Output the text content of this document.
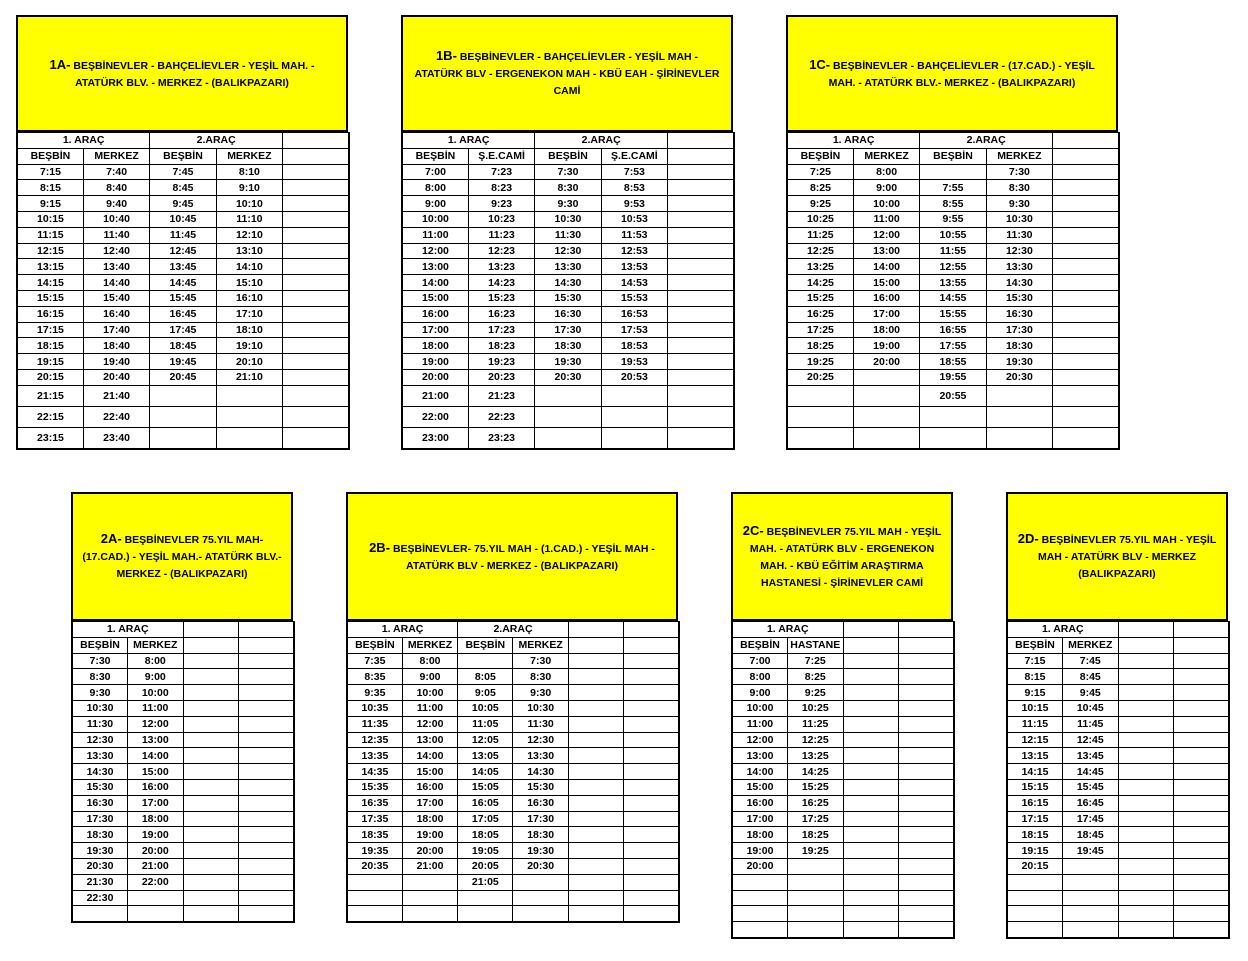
1A- BEŞBİNEVLER - BAHÇELİEVLER - YEŞİL MAH. - ATATÜRK BLV. - MERKEZ - (BALIKPAZARI)
1. ARAÇ		2.ARAÇ		
BEŞBİN	MERKEZ	BEŞBİN	MERKEZ	
7:15	7:40	7:45	8:10	
8:15	8:40	8:45	9:10	
9:15	9:40	9:45	10:10	
10:15	10:40	10:45	11:10	
11:15	11:40	11:45	12:10	
12:15	12:40	12:45	13:10	
13:15	13:40	13:45	14:10	
14:15	14:40	14:45	15:10	
15:15	15:40	15:45	16:10	
16:15	16:40	16:45	17:10	
17:15	17:40	17:45	18:10	
18:15	18:40	18:45	19:10	
19:15	19:40	19:45	20:10	
20:15	20:40	20:45	21:10	
21:15	21:40			
22:15	22:40			
23:15	23:40			
1B- BEŞBİNEVLER - BAHÇELİEVLER - YEŞİL MAH - ATATÜRK BLV - ERGENEKON MAH - KBÜ EAH - ŞİRİNEVLER CAMİ
1. ARAÇ		2.ARAÇ		
BEŞBİN	Ş.E.CAMİ	BEŞBİN	Ş.E.CAMİ	
7:00	7:23	7:30	7:53	
8:00	8:23	8:30	8:53	
9:00	9:23	9:30	9:53	
10:00	10:23	10:30	10:53	
11:00	11:23	11:30	11:53	
12:00	12:23	12:30	12:53	
13:00	13:23	13:30	13:53	
14:00	14:23	14:30	14:53	
15:00	15:23	15:30	15:53	
16:00	16:23	16:30	16:53	
17:00	17:23	17:30	17:53	
18:00	18:23	18:30	18:53	
19:00	19:23	19:30	19:53	
20:00	20:23	20:30	20:53	
21:00	21:23			
22:00	22:23			
23:00	23:23			
1C- BEŞBİNEVLER - BAHÇELİEVLER - (17.CAD.) - YEŞİL MAH. - ATATÜRK BLV.- MERKEZ - (BALIKPAZARI)
1. ARAÇ		2.ARAÇ		
BEŞBİN	MERKEZ	BEŞBİN	MERKEZ	
7:25	8:00		7:30	
8:25	9:00	7:55	8:30	
9:25	10:00	8:55	9:30	
10:25	11:00	9:55	10:30	
11:25	12:00	10:55	11:30	
12:25	13:00	11:55	12:30	
13:25	14:00	12:55	13:30	
14:25	15:00	13:55	14:30	
15:25	16:00	14:55	15:30	
16:25	17:00	15:55	16:30	
17:25	18:00	16:55	17:30	
18:25	19:00	17:55	18:30	
19:25	20:00	18:55	19:30	
20:25		19:55	20:30	
		20:55		

2A- BEŞBİNEVLER 75.YIL MAH- (17.CAD.) - YEŞİL MAH.- ATATÜRK BLV.-MERKEZ - (BALIKPAZARI)
1. ARAÇ			
BEŞBİN	MERKEZ		
7:30	8:00		
8:30	9:00		
9:30	10:00		
10:30	11:00		
11:30	12:00		
12:30	13:00		
13:30	14:00		
14:30	15:00		
15:30	16:00		
16:30	17:00		
17:30	18:00		
18:30	19:00		
19:30	20:00		
20:30	21:00		
21:30	22:00		
22:30			

2B- BEŞBİNEVLER- 75.YIL MAH - (1.CAD.) - YEŞİL MAH -ATATÜRK BLV - MERKEZ - (BALIKPAZARI)
1. ARAÇ		2.ARAÇ			
BEŞBİN	MERKEZ	BEŞBİN	MERKEZ		
7:35	8:00		7:30		
8:35	9:00	8:05	8:30		
9:35	10:00	9:05	9:30		
10:35	11:00	10:05	10:30		
11:35	12:00	11:05	11:30		
12:35	13:00	12:05	12:30		
13:35	14:00	13:05	13:30		
14:35	15:00	14:05	14:30		
15:35	16:00	15:05	15:30		
16:35	17:00	16:05	16:30		
17:35	18:00	17:05	17:30		
18:35	19:00	18:05	18:30		
19:35	20:00	19:05	19:30		
20:35	21:00	20:05	20:30		
		21:05			

2C- BEŞBİNEVLER 75.YIL MAH - YEŞİL MAH. - ATATÜRK BLV - ERGENEKON MAH. - KBÜ EĞİTİM ARAŞTIRMA HASTANESİ - ŞİRİNEVLER CAMİ
1. ARAÇ			
BEŞBİN	HASTANE		
7:00	7:25		
8:00	8:25		
9:00	9:25		
10:00	10:25		
11:00	11:25		
12:00	12:25		
13:00	13:25		
14:00	14:25		
15:00	15:25		
16:00	16:25		
17:00	17:25		
18:00	18:25		
19:00	19:25		
20:00			

2D- BEŞBİNEVLER 75.YIL MAH - YEŞİL MAH - ATATÜRK BLV - MERKEZ (BALIKPAZARI)
1. ARAÇ			
BEŞBİN	MERKEZ		
7:15	7:45		
8:15	8:45		
9:15	9:45		
10:15	10:45		
11:15	11:45		
12:15	12:45		
13:15	13:45		
14:15	14:45		
15:15	15:45		
16:15	16:45		
17:15	17:45		
18:15	18:45		
19:15	19:45		
20:15			
